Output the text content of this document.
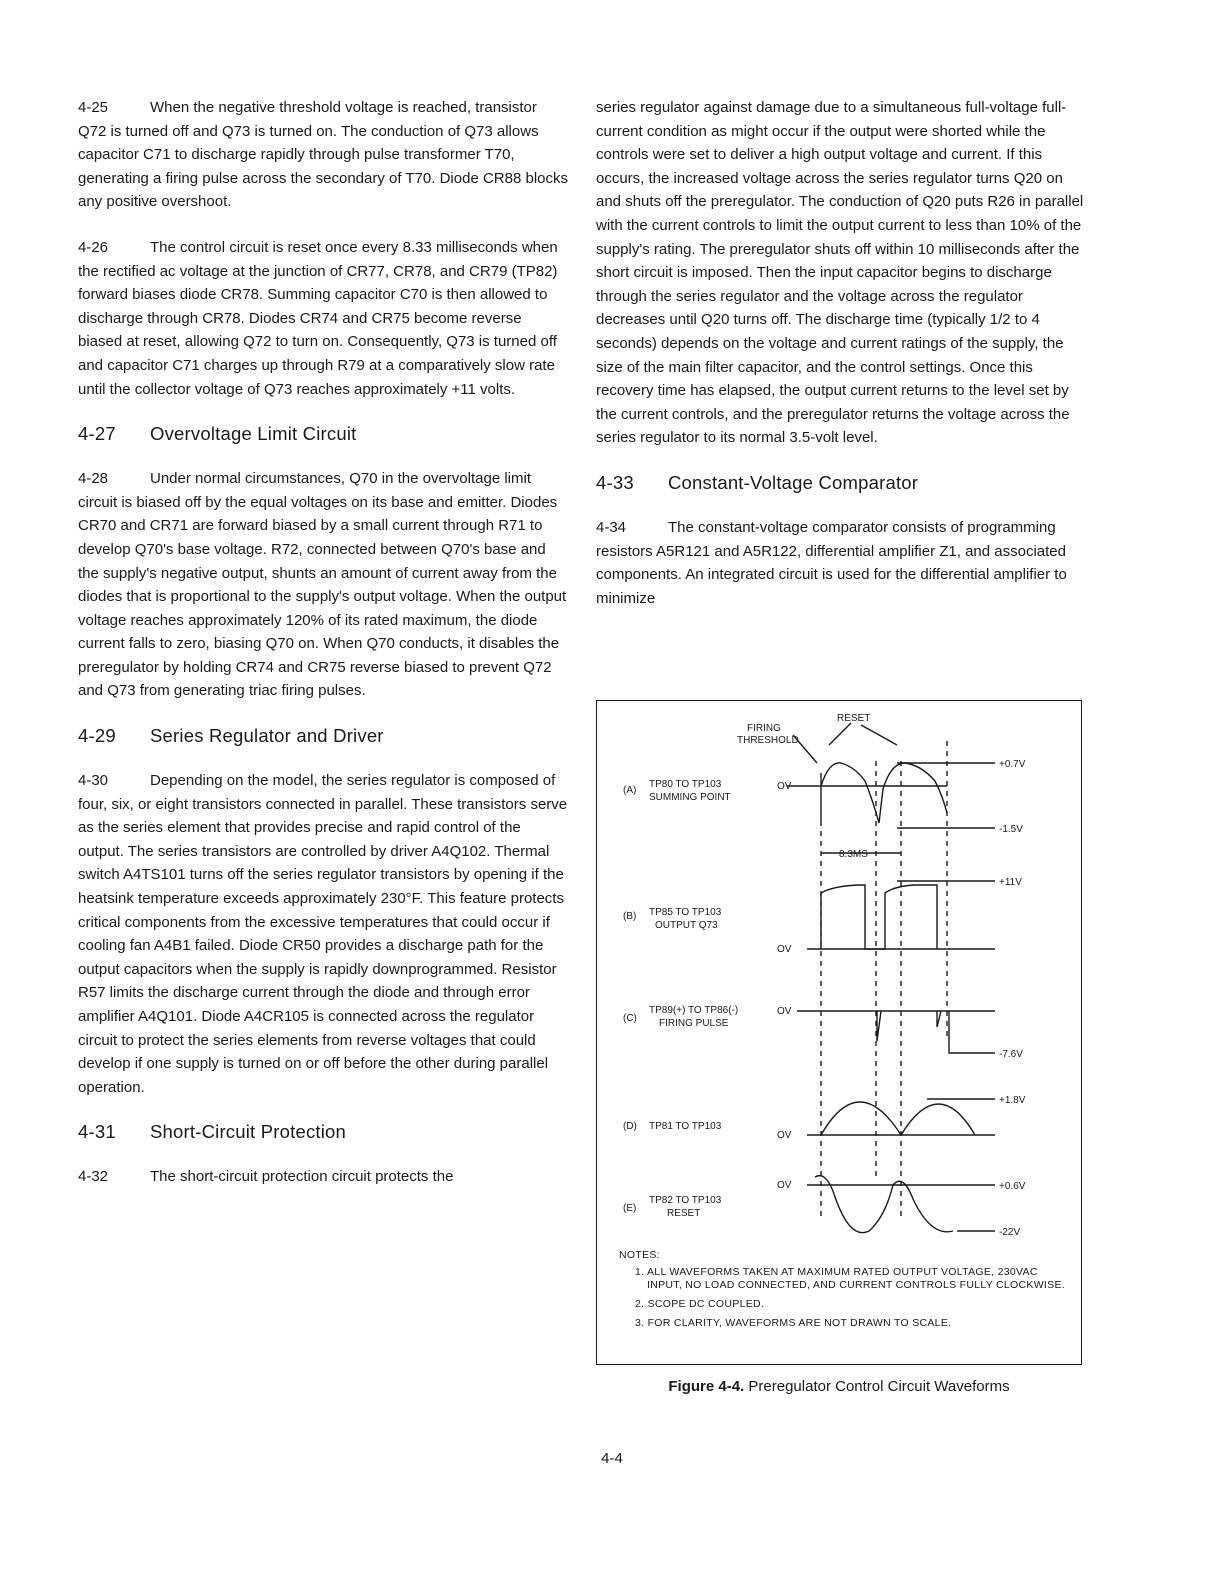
4-25	When the negative threshold voltage is reached, transistor Q72 is turned off and Q73 is turned on. The conduction of Q73 allows capacitor C71 to discharge rapidly through pulse transformer T70, generating a firing pulse across the secondary of T70. Diode CR88 blocks any positive overshoot.

4-26	The control circuit is reset once every 8.33 milliseconds when the rectified ac voltage at the junction of CR77, CR78, and CR79 (TP82) forward biases diode CR78. Summing capacitor C70 is then allowed to discharge through CR78. Diodes CR74 and CR75 become reverse biased at reset, allowing Q72 to turn on. Consequently, Q73 is turned off and capacitor C71 charges up through R79 at a comparatively slow rate until the collector voltage of Q73 reaches approximately +11 volts.

4-27 Overvoltage Limit Circuit

4-28	Under normal circumstances, Q70 in the overvoltage limit circuit is biased off by the equal voltages on its base and emitter. Diodes CR70 and CR71 are forward biased by a small current through R71 to develop Q70's base voltage. R72, connected between Q70's base and the supply's negative output, shunts an amount of current away from the diodes that is proportional to the supply's output voltage. When the output voltage reaches approximately 120% of its rated maximum, the diode current falls to zero, biasing Q70 on. When Q70 conducts, it disables the preregulator by holding CR74 and CR75 reverse biased to prevent Q72 and Q73 from generating triac firing pulses.

4-29 Series Regulator and Driver

4-30	Depending on the model, the series regulator is composed of four, six, or eight transistors connected in parallel. These transistors serve as the series element that provides precise and rapid control of the output. The series transistors are controlled by driver A4Q102. Thermal switch A4TS101 turns off the series regulator transistors by opening if the heatsink temperature exceeds approximately 230°F. This feature protects critical components from the excessive temperatures that could occur if cooling fan A4B1 failed. Diode CR50 provides a discharge path for the output capacitors when the supply is rapidly downprogrammed. Resistor R57 limits the discharge current through the diode and through error amplifier A4Q101. Diode A4CR105 is connected across the regulator circuit to protect the series elements from reverse voltages that could develop if one supply is turned on or off before the other during parallel operation.

4-31 Short-Circuit Protection

4-32	The short-circuit protection circuit protects the

series regulator against damage due to a simultaneous full-voltage full-current condition as might occur if the output were shorted while the controls were set to deliver a high output voltage and current. If this occurs, the increased voltage across the series regulator turns Q20 on and shuts off the preregulator. The conduction of Q20 puts R26 in parallel with the current controls to limit the output current to less than 10% of the supply's rating. The preregulator shuts off within 10 milliseconds after the short circuit is imposed. Then the input capacitor begins to discharge through the series regulator and the voltage across the regulator decreases until Q20 turns off. The discharge time (typically 1/2 to 4 seconds) depends on the voltage and current ratings of the supply, the size of the main filter capacitor, and the control settings. Once this recovery time has elapsed, the output current returns to the level set by the current controls, and the preregulator returns the voltage across the series regulator to its normal 3.5-volt level.

4-33 Constant-Voltage Comparator

4-34	The constant-voltage comparator consists of programming resistors A5R121 and A5R122, differential amplifier Z1, and associated components. An integrated circuit is used for the differential amplifier to minimize

FIRING
THRESHOLD
RESET
8.3MS
(A)
TP80 TO TP103
SUMMING POINT
OV
+0.7V
-1.5V
(B) TP85 TO TP103
OUTPUT Q73
OV
+11V
(C)
TP89(+) TO TP86(-)
FIRING PULSE
OV
-7.6V
(D) TP81 TO TP103
OV
+1.8V
(E)
TP82 TO TP103
RESET
OV	+0.6V
-22V

NOTES:

1. ALL WAVEFORMS TAKEN AT MAXIMUM RATED OUTPUT VOLTAGE, 230VAC INPUT, NO LOAD CONNECTED, AND CURRENT CONTROLS FULLY CLOCKWISE.

2. SCOPE DC COUPLED.

3. FOR CLARITY, WAVEFORMS ARE NOT DRAWN TO SCALE.

Figure 4-4. Preregulator Control Circuit Waveforms
4-4
